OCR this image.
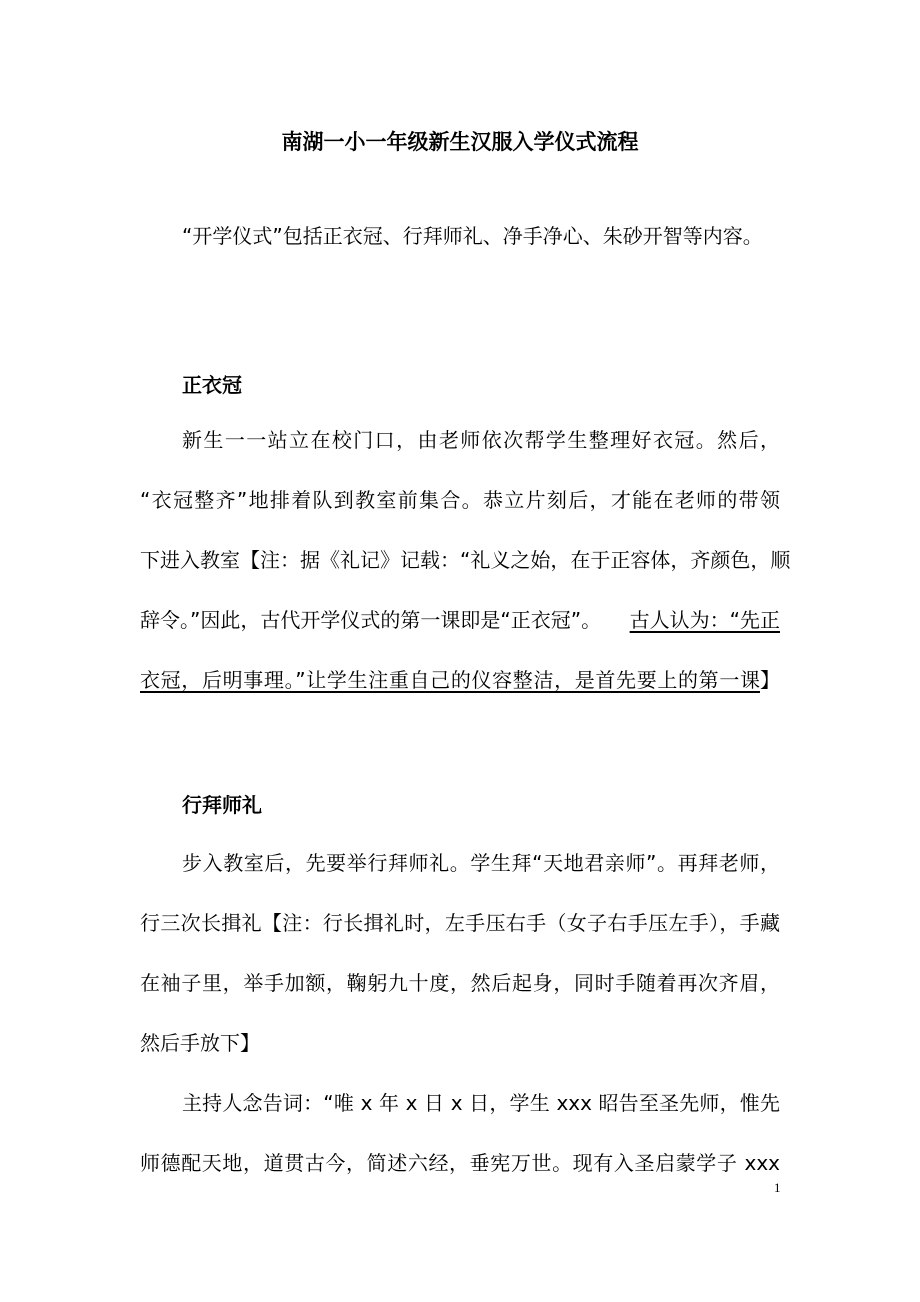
南湖一小一年级新生汉服入学仪式流程
“开学仪式”包括正衣冠、行拜师礼、净手净心、朱砂开智等内容。
正衣冠
新生一一站立在校门口，由老师依次帮学生整理好衣冠。然后，
“衣冠整齐”地排着队到教室前集合。恭立片刻后，才能在老师的带领
下进入教室【注：据《礼记》记载：“礼义之始，在于正容体，齐颜色，顺
辞令。”因此，古代开学仪式的第一课即是“正衣冠”。 古人认为：“先正
衣冠，后明事理。”让学生注重自己的仪容整洁，是首先要上的第一课 】
行拜师礼
步入教室后，先要举行拜师礼。学生拜“天地君亲师”。再拜老师，
行三次长揖礼【注：行长揖礼时，左手压右手（女子右手压左手），手藏
在袖子里，举手加额，鞠躬九十度，然后起身，同时手随着再次齐眉，
然后手放下】
主持人念告词：“唯 x 年 x 日 x 日，学生 xxx 昭告至圣先师，惟先
师德配天地，道贯古今，简述六经，垂宪万世。现有入圣启蒙学子 xxx
1
